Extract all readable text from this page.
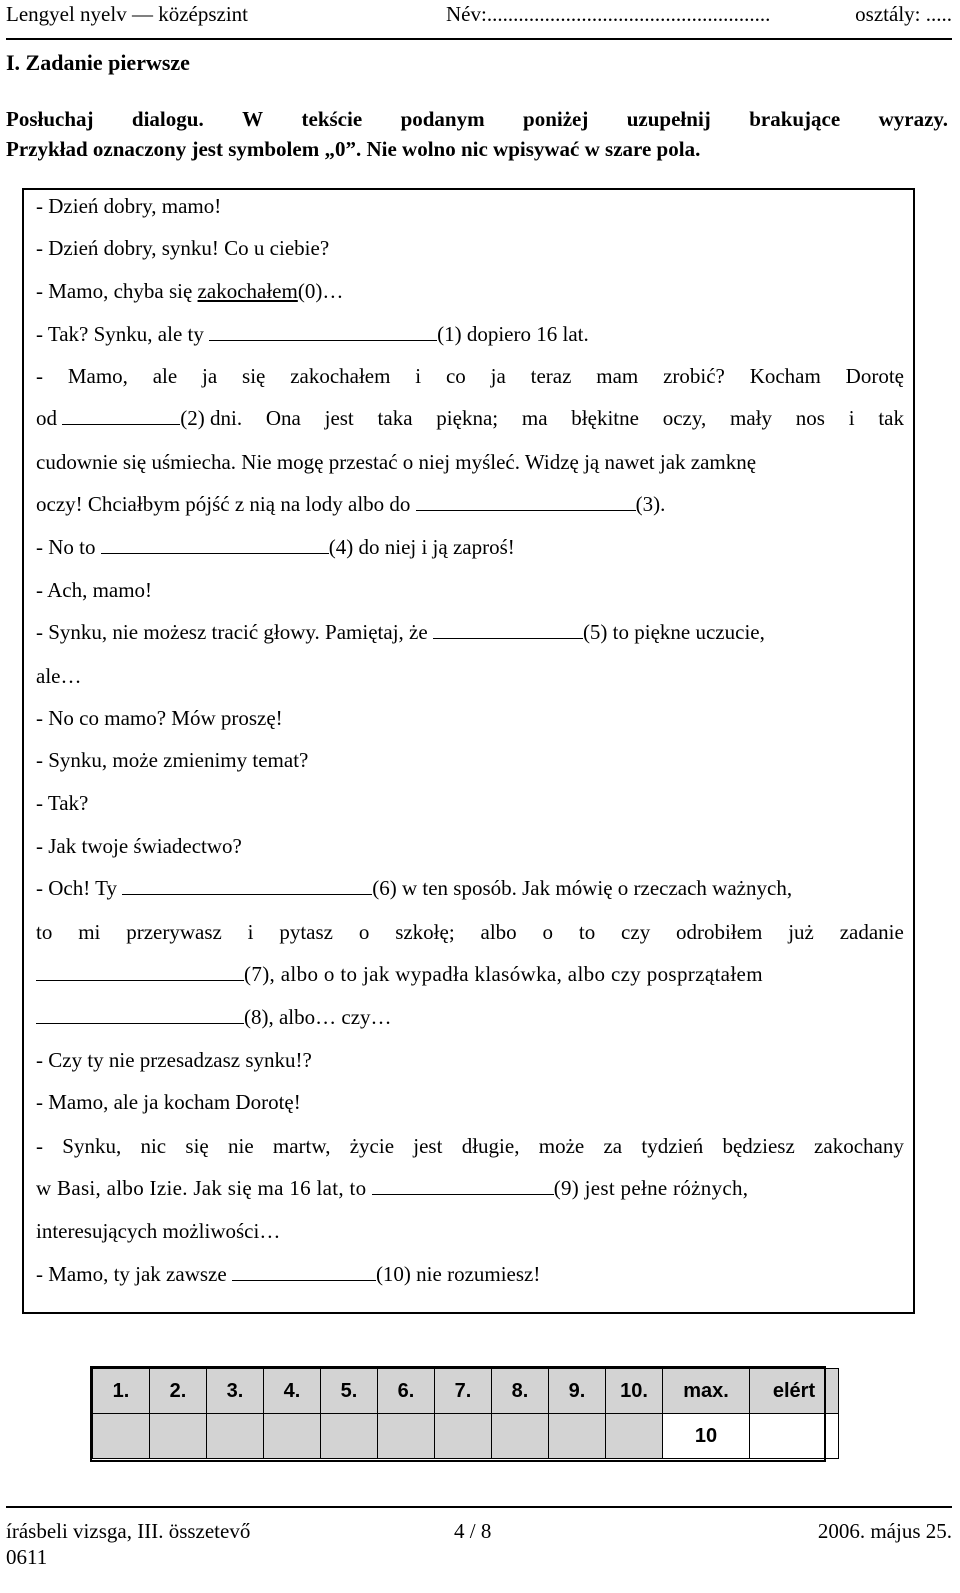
Lengyel nyelv — középszint	Név:......................................................	osztály: .....
I. Zadanie pierwsze
Posłuchaj dialogu. W tekście podanym poniżej uzupełnij brakujące wyrazy.
Przykład oznaczony jest symbolem „0”. Nie wolno nic wpisywać w szare pola.
- Dzień dobry, mamo!
- Dzień dobry, synku! Co u ciebie?
- Mamo, chyba się zakochałem(0)…
- Tak? Synku, ale ty	(1) dopiero 16 lat.
- Mamo, ale ja się zakochałem i co ja teraz mam zrobić? Kocham Dorotę
od	(2) dni. Ona jest taka piękna; ma błękitne oczy, mały nos i tak
cudownie się uśmiecha. Nie mogę przestać o niej myśleć. Widzę ją nawet jak zamknę
oczy! Chciałbym pójść z nią na lody albo do	(3).
- No to	(4) do niej i ją zaproś!
- Ach, mamo!
- Synku, nie możesz tracić głowy. Pamiętaj, że	(5) to piękne uczucie,
ale…
- No co mamo? Mów proszę!
- Synku, może zmienimy temat?
- Tak?
- Jak twoje świadectwo?
- Och! Ty	(6) w ten sposób. Jak mówię o rzeczach ważnych,
to mi przerywasz i pytasz o szkołę; albo o to czy odrobiłem już zadanie
(7), albo o to jak wypadła klasówka, albo czy posprzątałem
(8), albo… czy…
- Czy ty nie przesadzasz synku!?
- Mamo, ale ja kocham Dorotę!
- Synku, nic się nie martw, życie jest długie, może za tydzień będziesz zakochany
w Basi, albo Izie. Jak się ma 16 lat, to	(9) jest pełne różnych,
interesujących możliwości…
- Mamo, ty jak zawsze	(10) nie rozumiesz!
1.	2.	3.	4.	5.	6.	7.	8.	9.	10.	max.	elért
										10	
írásbeli vizsga, III. összetevő	4 / 8	2006. május 25.
0611
